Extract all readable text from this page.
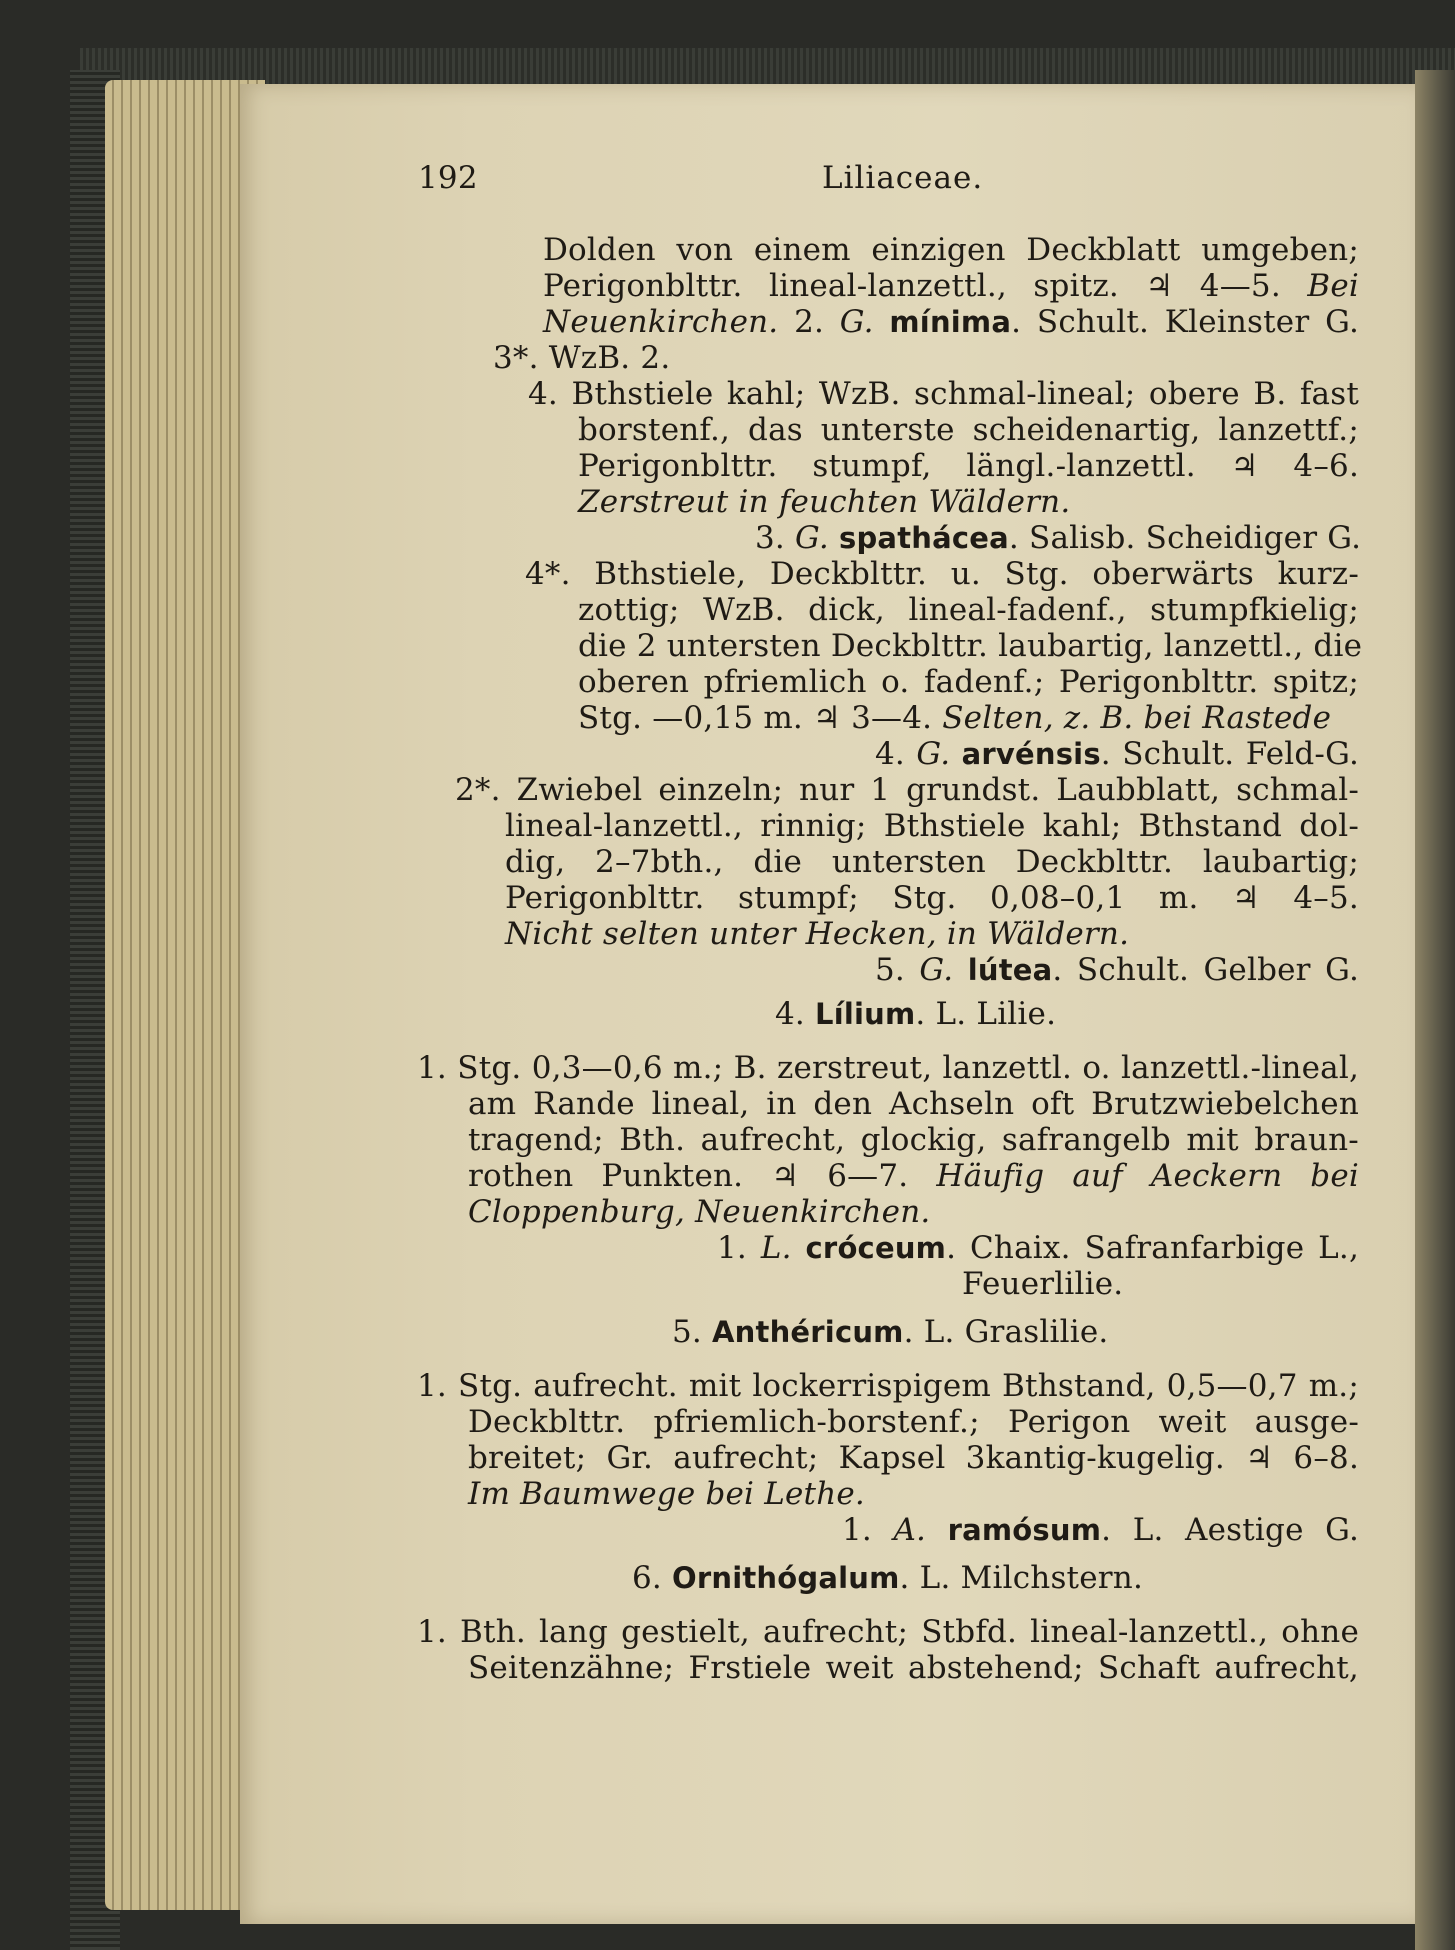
192	Liliaceae.
Dolden von einem einzigen Deckblatt umgeben;
Perigonblttr. lineal-lanzettl., spitz. ♃ 4—5. Bei
Neuenkirchen. 2. G. mínima. Schult. Kleinster G.
3*. WzB. 2.
4. Bthstiele kahl; WzB. schmal-lineal; obere B. fast
borstenf., das unterste scheidenartig, lanzettf.;
Perigonblttr. stumpf, längl.-lanzettl. ♃ 4–6.
Zerstreut in feuchten Wäldern.
3. G. spathácea. Salisb. Scheidiger G.
4*. Bthstiele, Deckblttr. u. Stg. oberwärts kurz-
zottig; WzB. dick, lineal-fadenf., stumpfkielig;
die 2 untersten Deckblttr. laubartig, lanzettl., die
oberen pfriemlich o. fadenf.; Perigonblttr. spitz;
Stg. —0,15 m. ♃ 3—4. Selten, z. B. bei Rastede
4. G. arvénsis. Schult. Feld-G.
2*. Zwiebel einzeln; nur 1 grundst. Laubblatt, schmal-
lineal-lanzettl., rinnig; Bthstiele kahl; Bthstand dol-
dig, 2–7bth., die untersten Deckblttr. laubartig;
Perigonblttr. stumpf; Stg. 0,08–0,1 m. ♃ 4–5.
Nicht selten unter Hecken, in Wäldern.
5. G. lútea. Schult. Gelber G.
4. Lílium. L. Lilie.
1. Stg. 0,3—0,6 m.; B. zerstreut, lanzettl. o. lanzettl.-lineal,
am Rande lineal, in den Achseln oft Brutzwiebelchen
tragend; Bth. aufrecht, glockig, safrangelb mit braun-
rothen Punkten. ♃ 6—7. Häufig auf Aeckern bei
Cloppenburg, Neuenkirchen.
1. L. cróceum. Chaix. Safranfarbige L.,
Feuerlilie.
5. Anthéricum. L. Graslilie.
1. Stg. aufrecht. mit lockerrispigem Bthstand, 0,5—0,7 m.;
Deckblttr. pfriemlich-borstenf.; Perigon weit ausge-
breitet; Gr. aufrecht; Kapsel 3kantig-kugelig. ♃ 6–8.
Im Baumwege bei Lethe.
1. A. ramósum. L. Aestige G.
6. Ornithógalum. L. Milchstern.
1. Bth. lang gestielt, aufrecht; Stbfd. lineal-lanzettl., ohne
Seitenzähne; Frstiele weit abstehend; Schaft aufrecht,
